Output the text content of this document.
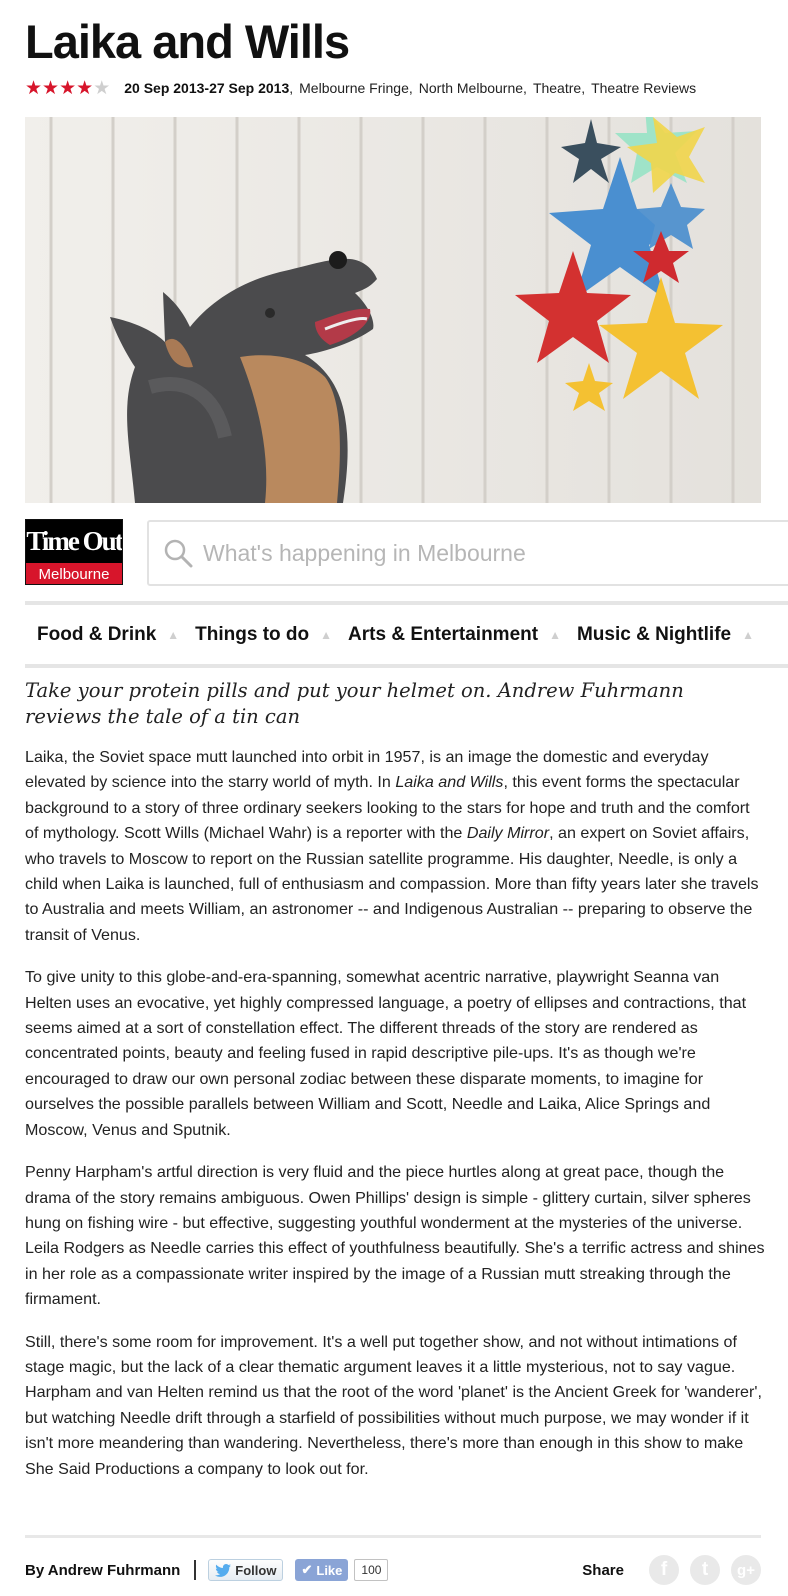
Laika and Wills
★ ★ ★ ★ ★ 20 Sep 2013-27 Sep 2013 , Melbourne Fringe , North Melbourne , Theatre , Theatre Reviews
Time Out
Melbourne
What's happening in Melbourne
Food & Drink ▲ Things to do ▲ Arts & Entertainment ▲ Music & Nightlife ▲

Take your protein pills and put your helmet on. Andrew Fuhrmann reviews the tale of a tin can

Laika, the Soviet space mutt launched into orbit in 1957, is an image the domestic and everyday elevated by science into the starry world of myth. In Laika and Wills, this event forms the spectacular background to a story of three ordinary seekers looking to the stars for hope and truth and the comfort of mythology. Scott Wills (Michael Wahr) is a reporter with the Daily Mirror, an expert on Soviet affairs, who travels to Moscow to report on the Russian satellite programme. His daughter, Needle, is only a child when Laika is launched, full of enthusiasm and compassion. More than fifty years later she travels to Australia and meets William, an astronomer -- and Indigenous Australian -- preparing to observe the transit of Venus.

To give unity to this globe-and-era-spanning, somewhat acentric narrative, playwright Seanna van Helten uses an evocative, yet highly compressed language, a poetry of ellipses and contractions, that seems aimed at a sort of constellation effect. The different threads of the story are rendered as concentrated points, beauty and feeling fused in rapid descriptive pile-ups. It's as though we're encouraged to draw our own personal zodiac between these disparate moments, to imagine for ourselves the possible parallels between William and Scott, Needle and Laika, Alice Springs and Moscow, Venus and Sputnik.

Penny Harpham's artful direction is very fluid and the piece hurtles along at great pace, though the drama of the story remains ambiguous. Owen Phillips' design is simple - glittery curtain, silver spheres hung on fishing wire - but effective, suggesting youthful wonderment at the mysteries of the universe. Leila Rodgers as Needle carries this effect of youthfulness beautifully. She's a terrific actress and shines in her role as a compassionate writer inspired by the image of a Russian mutt streaking through the firmament.

Still, there's some room for improvement. It's a well put together show, and not without intimations of stage magic, but the lack of a clear thematic argument leaves it a little mysterious, not to say vague. Harpham and van Helten remind us that the root of the word 'planet' is the Ancient Greek for 'wanderer', but watching Needle drift through a starfield of possibilities without much purpose, we may wonder if it isn't more meandering than wandering. Nevertheless, there's more than enough in this show to make She Said Productions a company to look out for.

By Andrew Fuhrmann	Follow ✔ Like	100	Share	f	t	g+
